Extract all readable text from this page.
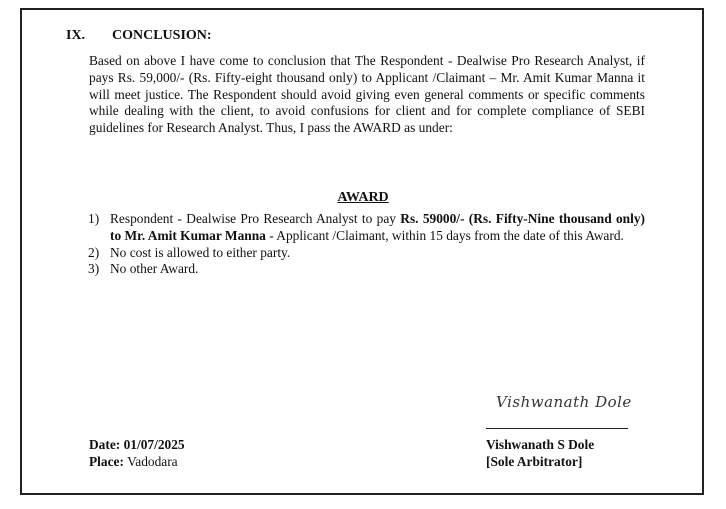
IX. CONCLUSION:
Based on above I have come to conclusion that The Respondent - Dealwise Pro Research Analyst, if pays Rs. 59,000/- (Rs. Fifty-eight thousand only) to Applicant /Claimant – Mr. Amit Kumar Manna it will meet justice. The Respondent should avoid giving even general comments or specific comments while dealing with the client, to avoid confusions for client and for complete compliance of SEBI guidelines for Research Analyst. Thus, I pass the AWARD as under:
AWARD
1) Respondent - Dealwise Pro Research Analyst to pay Rs. 59000/- (Rs. Fifty-Nine thousand only) to Mr. Amit Kumar Manna - Applicant /Claimant, within 15 days from the date of this Award.
2) No cost is allowed to either party.
3) No other Award.
Vishwanath Dole
Date: 01/07/2025
Place: Vadodara
Vishwanath S Dole
[Sole Arbitrator]
